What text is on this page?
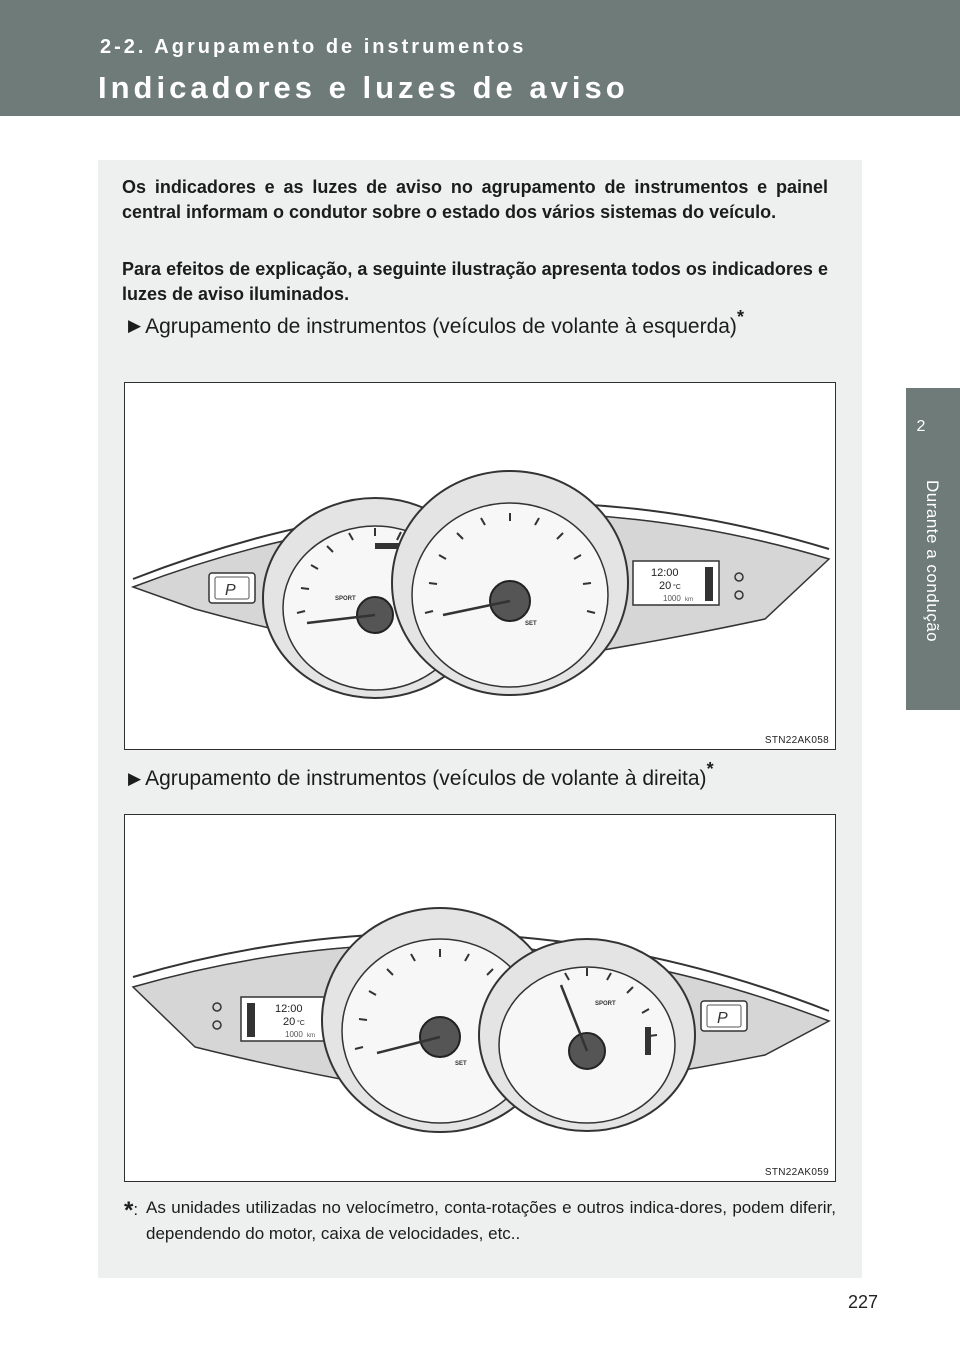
2-2. Agrupamento de instrumentos
Indicadores e luzes de aviso
2
Durante a condução
Os indicadores e as luzes de aviso no agrupamento de instrumentos e painel central informam o condutor sobre o estado dos vários sistemas do veículo.
Para efeitos de explicação, a seguinte ilustração apresenta todos os indicadores e luzes de aviso iluminados.
▶ Agrupamento de instrumentos (veículos de volante à esquerda)*
P	SPORT
SET
12:00
20 °C
1000 km
STN22AK058
▶ Agrupamento de instrumentos (veículos de volante à direita)*
12:00
20 °C
1000 km
SET
SPORT
P
STN22AK059
*: As unidades utilizadas no velocímetro, conta-rotações e outros indica-dores, podem diferir, dependendo do motor, caixa de velocidades, etc..
227
